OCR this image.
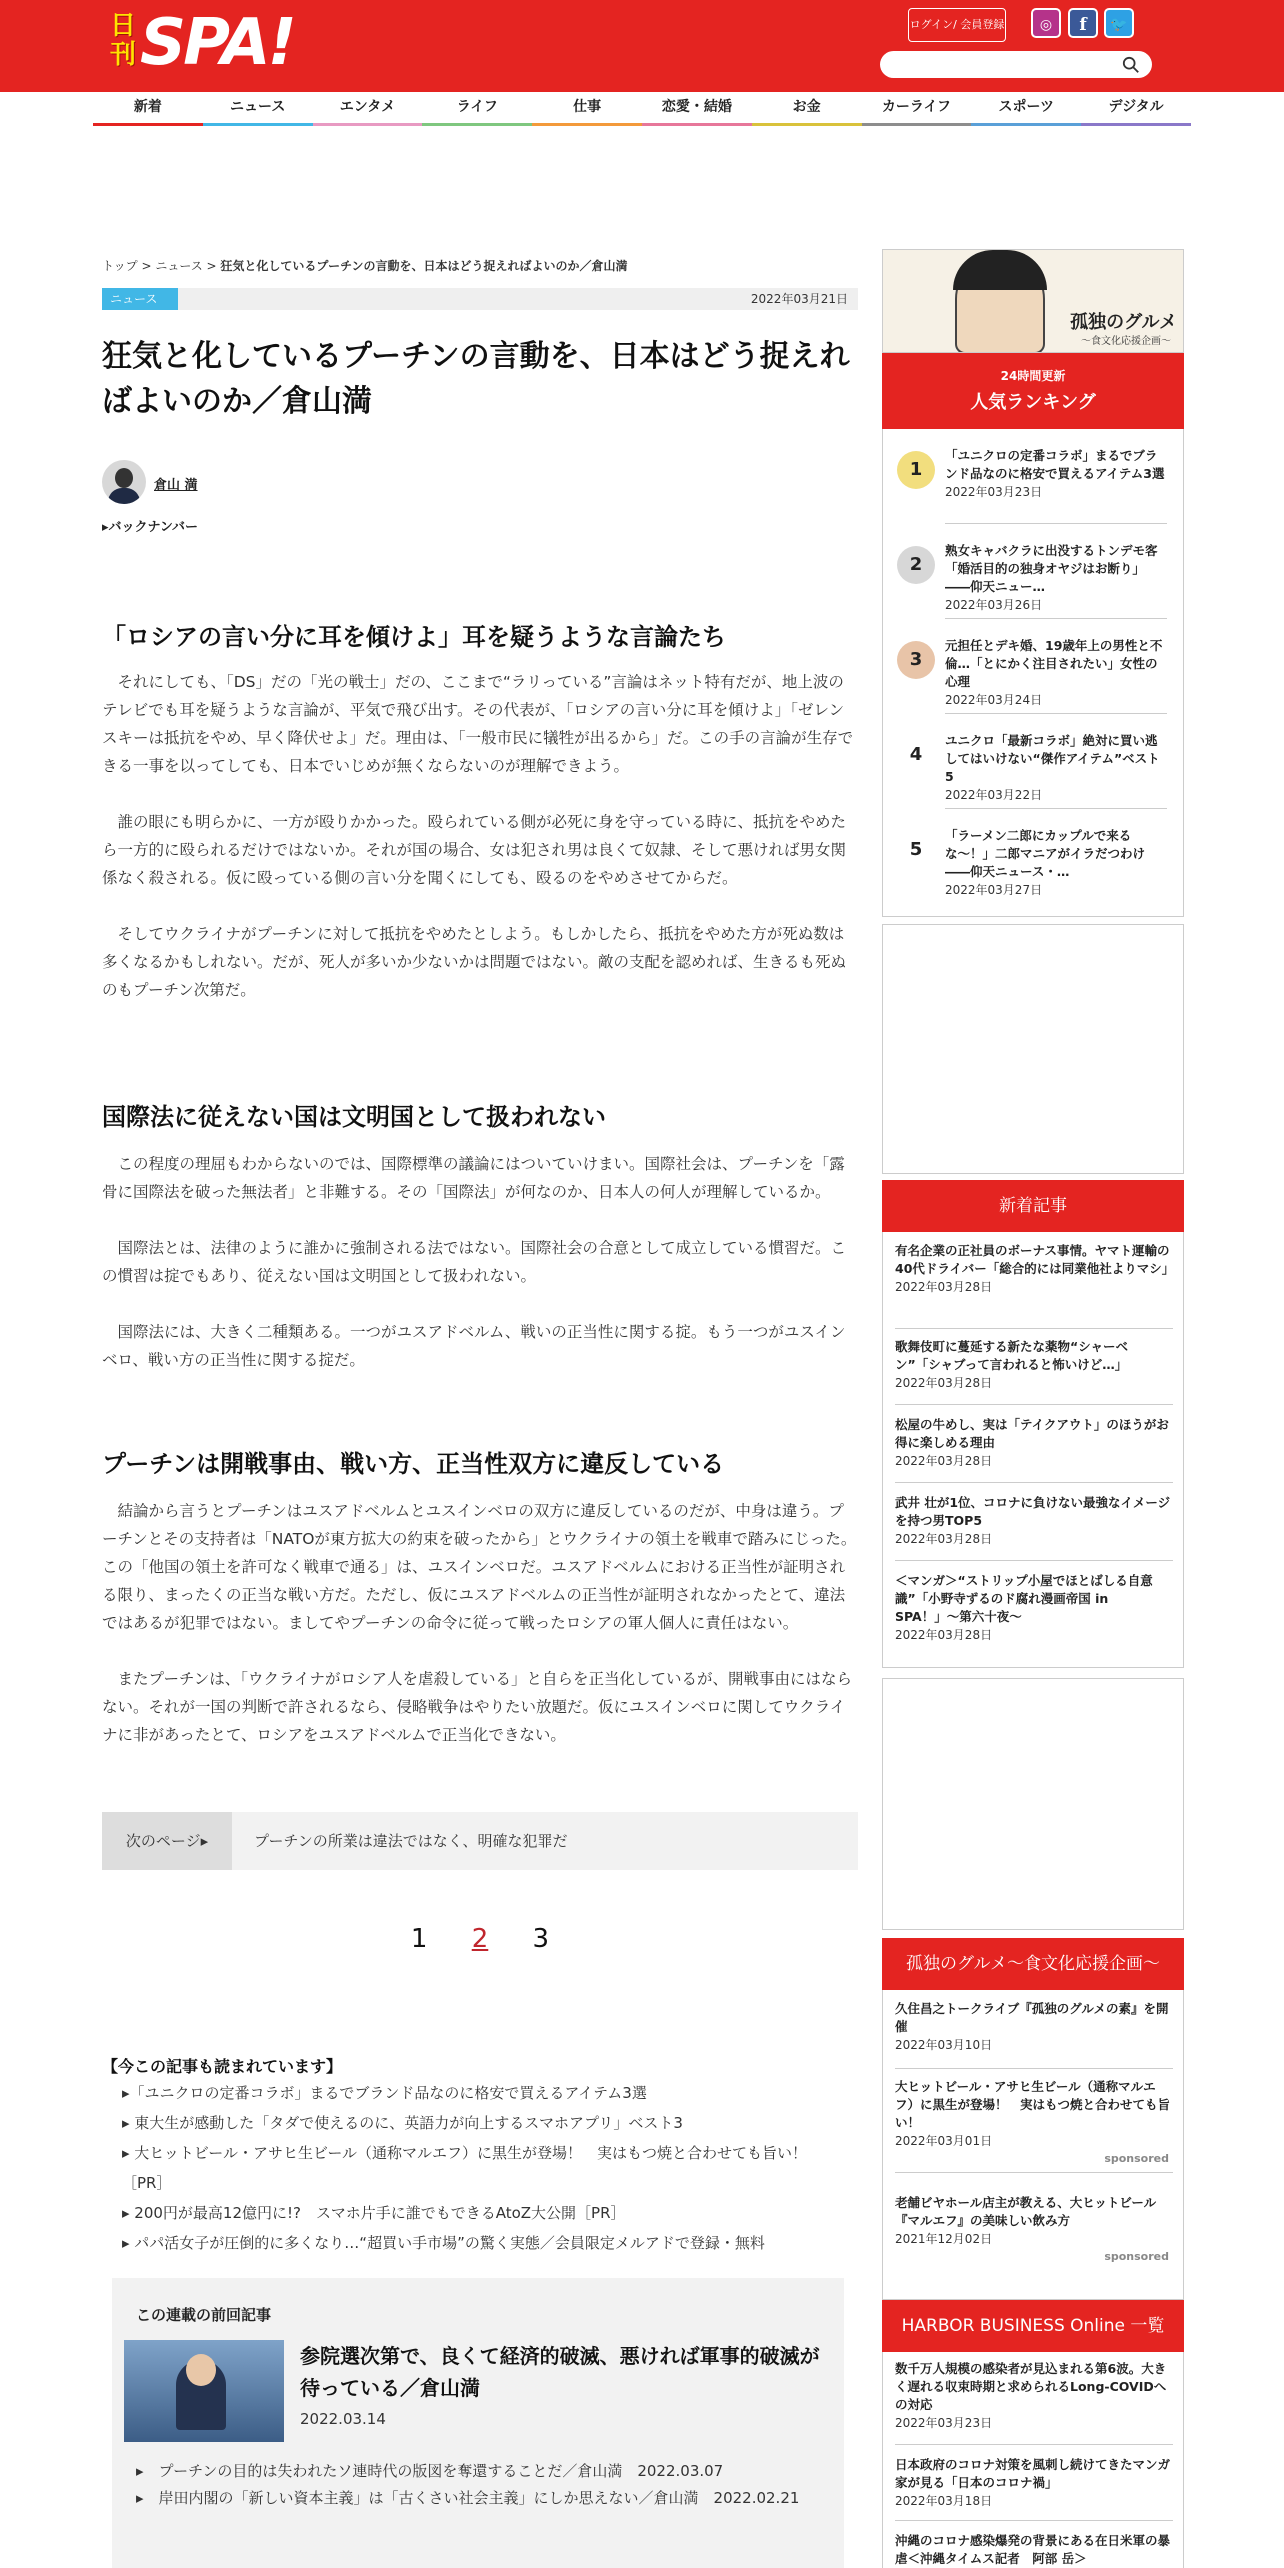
日刊 SPA!	ログイン/ 会員登録	◎	f	🐦
新着	ニュース	エンタメ	ライフ	仕事	恋愛・結婚	お金	カーライフ	スポーツ	デジタル
トップ > ニュース > 狂気と化しているプーチンの言動を、日本はどう捉えればよいのか／倉山満
ニュース	2022年03月21日
狂気と化しているプーチンの言動を、日本はどう捉えればよいのか／倉山満
倉山 満
▸バックナンバー
「ロシアの言い分に耳を傾けよ」耳を疑うような言論たち

それにしても、「DS」だの「光の戦士」だの、ここまで“ラリっている”言論はネット特有だが、地上波のテレビでも耳を疑うような言論が、平気で飛び出す。その代表が、「ロシアの言い分に耳を傾けよ」「ゼレンスキーは抵抗をやめ、早く降伏せよ」だ。理由は、「一般市民に犠牲が出るから」だ。この手の言論が生存できる一事を以ってしても、日本でいじめが無くならないのが理解できよう。

誰の眼にも明らかに、一方が殴りかかった。殴られている側が必死に身を守っている時に、抵抗をやめたら一方的に殴られるだけではないか。それが国の場合、女は犯され男は良くて奴隷、そして悪ければ男女関係なく殺される。仮に殴っている側の言い分を聞くにしても、殴るのをやめさせてからだ。

そしてウクライナがプーチンに対して抵抗をやめたとしよう。もしかしたら、抵抗をやめた方が死ぬ数は多くなるかもしれない。だが、死人が多いか少ないかは問題ではない。敵の支配を認めれば、生きるも死ぬのもプーチン次第だ。

国際法に従えない国は文明国として扱われない

この程度の理屈もわからないのでは、国際標準の議論にはついていけまい。国際社会は、プーチンを「露骨に国際法を破った無法者」と非難する。その「国際法」が何なのか、日本人の何人が理解しているか。

国際法とは、法律のように誰かに強制される法ではない。国際社会の合意として成立している慣習だ。この慣習は掟でもあり、従えない国は文明国として扱われない。

国際法には、大きく二種類ある。一つがユスアドベルム、戦いの正当性に関する掟。もう一つがユスインベロ、戦い方の正当性に関する掟だ。

プーチンは開戦事由、戦い方、正当性双方に違反している

結論から言うとプーチンはユスアドベルムとユスインベロの双方に違反しているのだが、中身は違う。プーチンとその支持者は「NATOが東方拡大の約束を破ったから」とウクライナの領土を戦車で踏みにじった。この「他国の領土を許可なく戦車で通る」は、ユスインベロだ。ユスアドベルムにおける正当性が証明される限り、まったくの正当な戦い方だ。ただし、仮にユスアドベルムの正当性が証明されなかったとて、違法ではあるが犯罪ではない。ましてやプーチンの命令に従って戦ったロシアの軍人個人に責任はない。

またプーチンは、「ウクライナがロシア人を虐殺している」と自らを正当化しているが、開戦事由にはならない。それが一国の判断で許されるなら、侵略戦争はやりたい放題だ。仮にユスインベロに関してウクライナに非があったとて、ロシアをユスアドベルムで正当化できない。

次のページ▸	プーチンの所業は違法ではなく、明確な犯罪だ
1 2 3
【今この記事も読まれています】
▸「ユニクロの定番コラボ」まるでブランド品なのに格安で買えるアイテム3選
▸ 東大生が感動した「タダで使えるのに、英語力が向上するスマホアプリ」ベスト3
▸ 大ヒットビール・アサヒ生ビール（通称マルエフ）に黒生が登場！　実はもつ焼と合わせても旨い！［PR］
▸ 200円が最高12億円に!?　スマホ片手に誰でもできるAtoZ大公開［PR］
▸ パパ活女子が圧倒的に多くなり…“超買い手市場”の驚く実態／会員限定メルアドで登録・無料
この連載の前回記事
参院選次第で、良くて経済的破滅、悪ければ軍事的破滅が待っている／倉山満
2022.03.14
▸　プーチンの目的は失われたソ連時代の版図を奪還することだ／倉山満　2022.03.07
▸　岸田内閣の「新しい資本主義」は「古くさい社会主義」にしか思えない／倉山満　2022.02.21
孤独のグルメ
〜食文化応援企画〜
24時間更新
人気ランキング
1
「ユニクロの定番コラボ」まるでブランド品なのに格安で買えるアイテム3選
2022年03月23日
2
熟女キャバクラに出没するトンデモ客「婚活目的の独身オヤジはお断り」――仰天ニュー…
2022年03月26日
3
元担任とデキ婚、19歳年上の男性と不倫…「とにかく注目されたい」女性の心理
2022年03月24日
4
ユニクロ「最新コラボ」絶対に買い逃してはいけない“傑作アイテム”ベスト5
2022年03月22日
5
「ラーメン二郎にカップルで来るな〜！」二郎マニアがイラだつわけ――仰天ニュース・…
2022年03月27日
新着記事
有名企業の正社員のボーナス事情。ヤマト運輸の40代ドライバー「総合的には同業他社よりマシ」
2022年03月28日
歌舞伎町に蔓延する新たな薬物“シャーベン”「シャブって言われると怖いけど…」
2022年03月28日
松屋の牛めし、実は「テイクアウト」のほうがお得に楽しめる理由
2022年03月28日
武井 壮が1位、コロナに負けない最強なイメージを持つ男TOP5
2022年03月28日
＜マンガ＞“ストリップ小屋でほとばしる自意識”「小野寺ずるのド腐れ漫画帝国 in SPA！」〜第六十夜〜
2022年03月28日
孤独のグルメ～食文化応援企画～
久住昌之トークライブ『孤独のグルメの素』を開催
2022年03月10日
大ヒットビール・アサヒ生ビール（通称マルエフ）に黒生が登場！　実はもつ焼と合わせても旨い！
2022年03月01日
sponsored
老舗ビヤホール店主が教える、大ヒットビール『マルエフ』の美味しい飲み方
2021年12月02日
sponsored
HARBOR BUSINESS Online 一覧
数千万人規模の感染者が見込まれる第6波。大きく遅れる収束時期と求められるLong-COVIDへの対応
2022年03月23日
日本政府のコロナ対策を風刺し続けてきたマンガ家が見る「日本のコロナ禍」
2022年03月18日
沖縄のコロナ感染爆発の背景にある在日米軍の暴虐＜沖縄タイムス記者　阿部 岳＞
